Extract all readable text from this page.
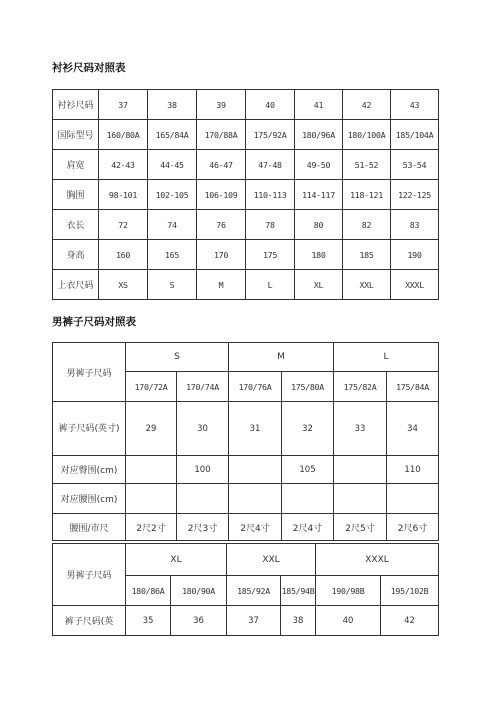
衬衫尺码对照表
衬衫尺码	37	38	39	40	41	42	43
国际型号	160/80A	165/84A	170/88A	175/92A	180/96A	180/100A	185/104A
肩宽	42-43	44-45	46-47	47-48	49-50	51-52	53-54
胸围	98-101	102-105	106-109	110-113	114-117	118-121	122-125
衣长	72	74	76	78	80	82	83
身高	160	165	170	175	180	185	190
上衣尺码	XS	S	M	L	XL	XXL	XXXL
男裤子尺码对照表
男裤子尺码	S		M		L	
	170/72A	170/74A	170/76A	175/80A	175/82A	175/84A
裤子尺码(英寸)	29	30	31	32	33	34
对应臀围(cm)		100		105		110
对应腰围(cm)						
腰围/市尺	2尺2寸	2尺3寸	2尺4寸	2尺4寸	2尺5寸	2尺6寸
男裤子尺码	XL		XXL		XXXL	
	180/86A	180/90A	185/92A	185/94B	190/98B	195/102B
裤子尺码(英	35	36	37	38	40	42
